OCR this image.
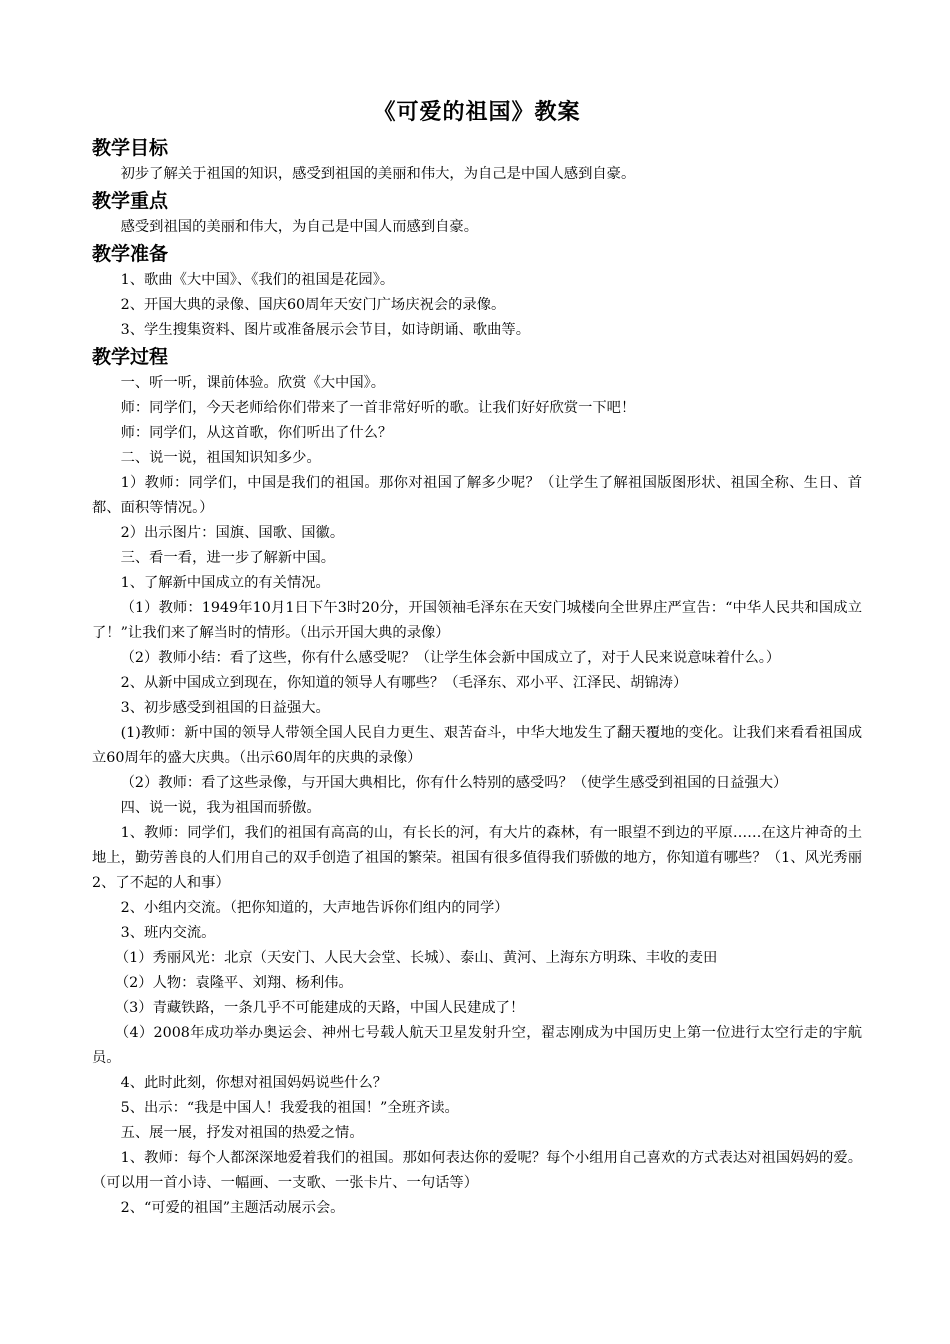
《可爱的祖国》教案
教学目标
初步了解关于祖国的知识，感受到祖国的美丽和伟大，为自己是中国人感到自豪。
教学重点
感受到祖国的美丽和伟大，为自己是中国人而感到自豪。
教学准备
1、歌曲《大中国》、《我们的祖国是花园》。
2、开国大典的录像、国庆60周年天安门广场庆祝会的录像。
3、学生搜集资料、图片或准备展示会节目，如诗朗诵、歌曲等。
教学过程
一、听一听，课前体验。欣赏《大中国》。
师：同学们，今天老师给你们带来了一首非常好听的歌。让我们好好欣赏一下吧！
师：同学们，从这首歌，你们听出了什么？
二、说一说，祖国知识知多少。
1）教师：同学们，中国是我们的祖国。那你对祖国了解多少呢？（让学生了解祖国版图形状、祖国全称、生日、首都、面积等情况。）
2）出示图片：国旗、国歌、国徽。
三、看一看，进一步了解新中国。
1、了解新中国成立的有关情况。
（1）教师：1949年10月1日下午3时20分，开国领袖毛泽东在天安门城楼向全世界庄严宣告：“中华人民共和国成立了！”让我们来了解当时的情形。（出示开国大典的录像）
（2）教师小结：看了这些，你有什么感受呢？（让学生体会新中国成立了，对于人民来说意味着什么。）
2、从新中国成立到现在，你知道的领导人有哪些？（毛泽东、邓小平、江泽民、胡锦涛）
3、初步感受到祖国的日益强大。
(1)教师：新中国的领导人带领全国人民自力更生、艰苦奋斗，中华大地发生了翻天覆地的变化。让我们来看看祖国成立60周年的盛大庆典。（出示60周年的庆典的录像）
（2）教师：看了这些录像，与开国大典相比，你有什么特别的感受吗？（使学生感受到祖国的日益强大）
四、说一说，我为祖国而骄傲。
1、教师：同学们，我们的祖国有高高的山，有长长的河，有大片的森林，有一眼望不到边的平原……在这片神奇的土地上，勤劳善良的人们用自己的双手创造了祖国的繁荣。祖国有很多值得我们骄傲的地方，你知道有哪些？（1、风光秀丽 2、了不起的人和事）
2、小组内交流。（把你知道的，大声地告诉你们组内的同学）
3、班内交流。
（1）秀丽风光：北京（天安门、人民大会堂、长城）、泰山、黄河、上海东方明珠、丰收的麦田
（2）人物：袁隆平、刘翔、杨利伟。
（3）青藏铁路，一条几乎不可能建成的天路，中国人民建成了！
（4）2008年成功举办奥运会、神州七号载人航天卫星发射升空，翟志刚成为中国历史上第一位进行太空行走的宇航员。
4、此时此刻，你想对祖国妈妈说些什么？
5、出示：“我是中国人！我爱我的祖国！”全班齐读。
五、展一展，抒发对祖国的热爱之情。
1、教师：每个人都深深地爱着我们的祖国。那如何表达你的爱呢？每个小组用自己喜欢的方式表达对祖国妈妈的爱。（可以用一首小诗、一幅画、一支歌、一张卡片、一句话等）
2、“可爱的祖国”主题活动展示会。
